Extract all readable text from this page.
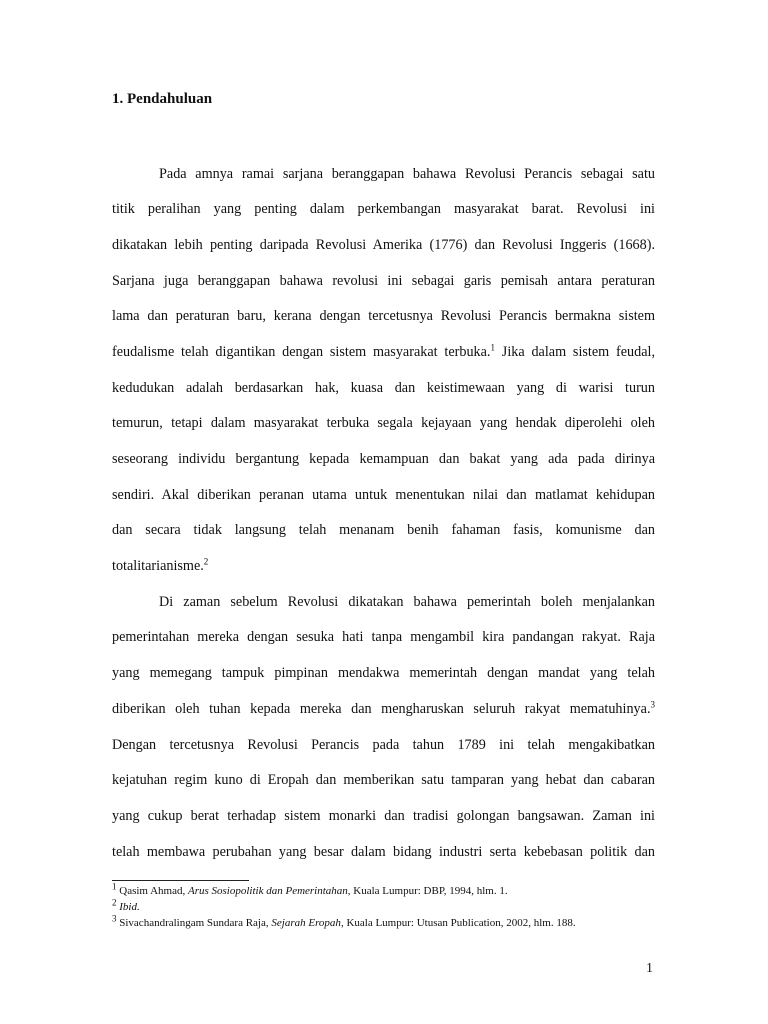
1. Pendahuluan
Pada amnya ramai sarjana beranggapan bahawa Revolusi Perancis sebagai satu
titik peralihan yang penting dalam perkembangan masyarakat barat. Revolusi ini
dikatakan lebih penting daripada Revolusi Amerika (1776) dan Revolusi Inggeris (1668).
Sarjana juga beranggapan bahawa revolusi ini sebagai garis pemisah antara peraturan
lama dan peraturan baru, kerana dengan tercetusnya Revolusi Perancis bermakna sistem
feudalisme telah digantikan dengan sistem masyarakat terbuka.$^1$ Jika dalam sistem feudal,
kedudukan adalah berdasarkan hak, kuasa dan keistimewaan yang di warisi turun
temurun, tetapi dalam masyarakat terbuka segala kejayaan yang hendak diperolehi oleh
seseorang individu bergantung kepada kemampuan dan bakat yang ada pada dirinya
sendiri. Akal diberikan peranan utama untuk menentukan nilai dan matlamat kehidupan
dan secara tidak langsung telah menanam benih fahaman fasis, komunisme dan
totalitarianisme.$^2$
Di zaman sebelum Revolusi dikatakan bahawa pemerintah boleh menjalankan
pemerintahan mereka dengan sesuka hati tanpa mengambil kira pandangan rakyat. Raja
yang memegang tampuk pimpinan mendakwa memerintah dengan mandat yang telah
diberikan oleh tuhan kepada mereka dan mengharuskan seluruh rakyat mematuhinya.$^3$
Dengan tercetusnya Revolusi Perancis pada tahun 1789 ini telah mengakibatkan
kejatuhan regim kuno di Eropah dan memberikan satu tamparan yang hebat dan cabaran
yang cukup berat terhadap sistem monarki dan tradisi golongan bangsawan. Zaman ini
telah membawa perubahan yang besar dalam bidang industri serta kebebasan politik dan
$^1$ Qasim Ahmad, Arus Sosiopolitik dan Pemerintahan, Kuala Lumpur: DBP, 1994, hlm. 1.
$^2$ Ibid.
$^3$ Sivachandralingam Sundara Raja, Sejarah Eropah, Kuala Lumpur: Utusan Publication, 2002, hlm. 188.
1
